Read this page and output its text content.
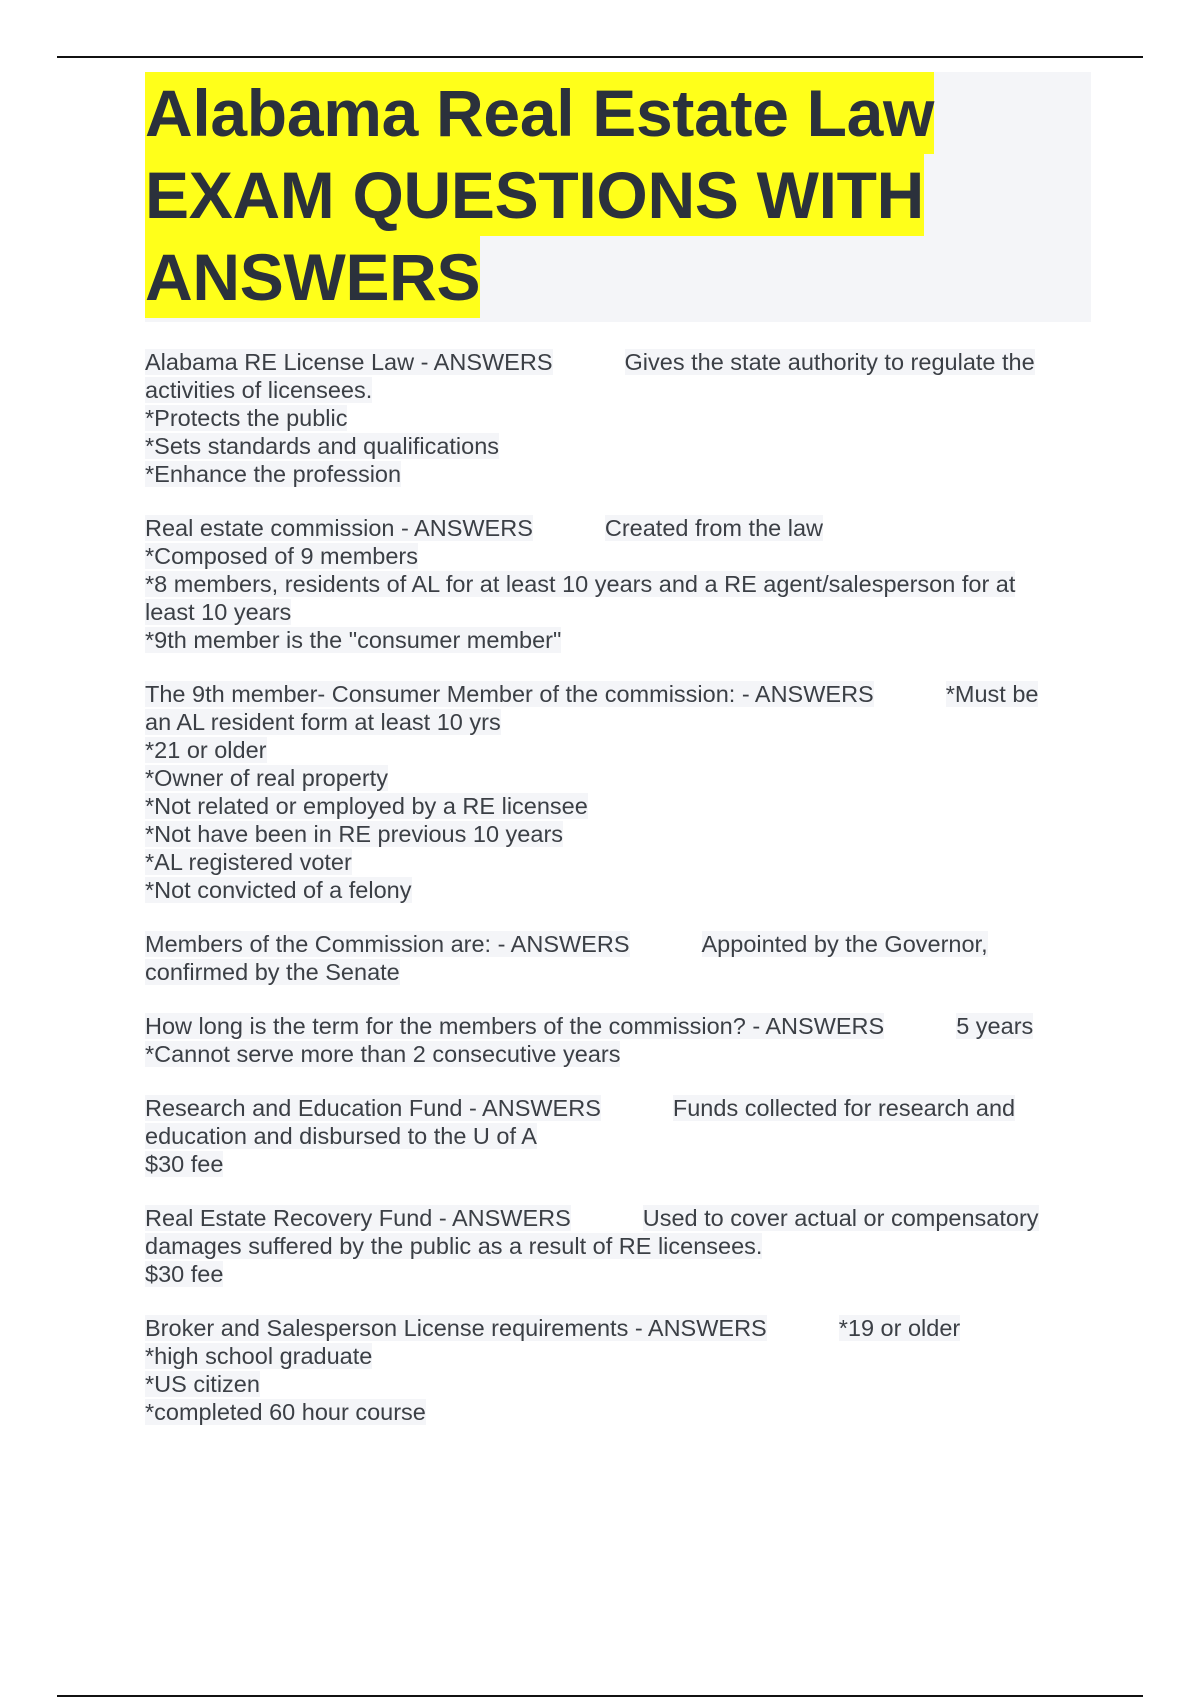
Alabama Real Estate Law
EXAM QUESTIONS WITH
ANSWERS
Alabama RE License Law - ANSWERS	Gives the state authority to regulate the
activities of licensees.
*Protects the public
*Sets standards and qualifications
*Enhance the profession
Real estate commission - ANSWERS	Created from the law
*Composed of 9 members
*8 members, residents of AL for at least 10 years and a RE agent/salesperson for at
least 10 years
*9th member is the "consumer member"
The 9th member- Consumer Member of the commission: - ANSWERS	*Must be
an AL resident form at least 10 yrs
*21 or older
*Owner of real property
*Not related or employed by a RE licensee
*Not have been in RE previous 10 years
*AL registered voter
*Not convicted of a felony
Members of the Commission are: - ANSWERS	Appointed by the Governor,
confirmed by the Senate
How long is the term for the members of the commission? - ANSWERS	5 years
*Cannot serve more than 2 consecutive years
Research and Education Fund - ANSWERS	Funds collected for research and
education and disbursed to the U of A
$30 fee
Real Estate Recovery Fund - ANSWERS	Used to cover actual or compensatory
damages suffered by the public as a result of RE licensees.
$30 fee
Broker and Salesperson License requirements - ANSWERS	*19 or older
*high school graduate
*US citizen
*completed 60 hour course
